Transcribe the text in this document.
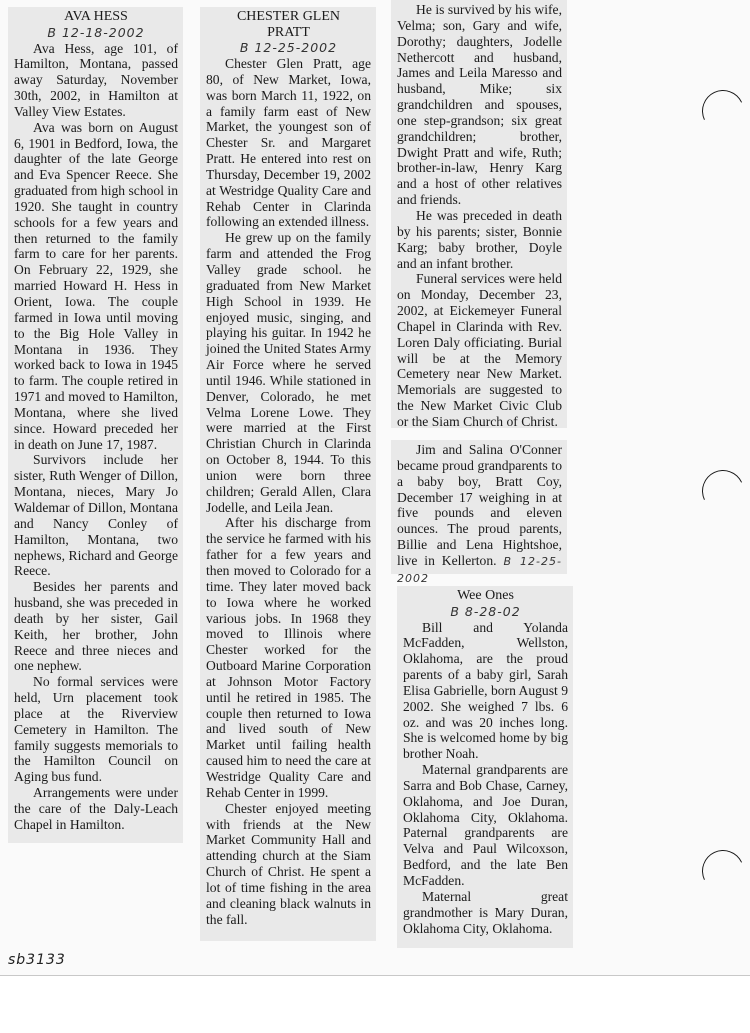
AVA HESS
B 12-18-2002

Ava Hess, age 101, of Hamilton, Montana, passed away Saturday, November 30th, 2002, in Hamilton at Valley View Estates.

Ava was born on August 6, 1901 in Bedford, Iowa, the daughter of the late George and Eva Spencer Reece. She graduated from high school in 1920. She taught in country schools for a few years and then returned to the family farm to care for her parents. On February 22, 1929, she married Howard H. Hess in Orient, Iowa. The couple farmed in Iowa until moving to the Big Hole Valley in Montana in 1936. They worked back to Iowa in 1945 to farm. The couple retired in 1971 and moved to Hamilton, Montana, where she lived since. Howard preceded her in death on June 17, 1987.

Survivors include her sister, Ruth Wenger of Dillon, Montana, nieces, Mary Jo Waldemar of Dillon, Montana and Nancy Conley of Hamilton, Montana, two nephews, Richard and George Reece.

Besides her parents and husband, she was preceded in death by her sister, Gail Keith, her brother, John Reece and three nieces and one nephew.

No formal services were held, Urn placement took place at the Riverview Cemetery in Hamilton. The family suggests memorials to the Hamilton Council on Aging bus fund.

Arrangements were under the care of the Daly-Leach Chapel in Hamilton.

CHESTER GLEN
PRATT
B 12-25-2002

Chester Glen Pratt, age 80, of New Market, Iowa, was born March 11, 1922, on a family farm east of New Market, the youngest son of Chester Sr. and Margaret Pratt. He entered into rest on Thursday, December 19, 2002 at Westridge Quality Care and Rehab Center in Clarinda following an extended illness.

He grew up on the family farm and attended the Frog Valley grade school. he graduated from New Market High School in 1939. He enjoyed music, singing, and playing his guitar. In 1942 he joined the United States Army Air Force where he served until 1946. While stationed in Denver, Colorado, he met Velma Lorene Lowe. They were married at the First Christian Church in Clarinda on October 8, 1944. To this union were born three children; Gerald Allen, Clara Jodelle, and Leila Jean.

After his discharge from the service he farmed with his father for a few years and then moved to Colorado for a time. They later moved back to Iowa where he worked various jobs. In 1968 they moved to Illinois where Chester worked for the Outboard Marine Corporation at Johnson Motor Factory until he retired in 1985. The couple then returned to Iowa and lived south of New Market until failing health caused him to need the care at Westridge Quality Care and Rehab Center in 1999.

Chester enjoyed meeting with friends at the New Market Community Hall and attending church at the Siam Church of Christ. He spent a lot of time fishing in the area and cleaning black walnuts in the fall.

He is survived by his wife, Velma; son, Gary and wife, Dorothy; daughters, Jodelle Nethercott and husband, James and Leila Maresso and husband, Mike; six grandchildren and spouses, one step-grandson; six great grandchildren; brother, Dwight Pratt and wife, Ruth; brother-in-law, Henry Karg and a host of other relatives and friends.

He was preceded in death by his parents; sister, Bonnie Karg; baby brother, Doyle and an infant brother.

Funeral services were held on Monday, December 23, 2002, at Eickemeyer Funeral Chapel in Clarinda with Rev. Loren Daly officiating. Burial will be at the Memory Cemetery near New Market. Memorials are suggested to the New Market Civic Club or the Siam Church of Christ.

Jim and Salina O'Conner became proud grandparents to a baby boy, Bratt Coy, December 17 weighing in at five pounds and eleven ounces. The proud parents, Billie and Lena Hightshoe, live in Kellerton. B 12-25-2002

Wee Ones
B 8-28-02

Bill and Yolanda McFadden, Wellston, Oklahoma, are the proud parents of a baby girl, Sarah Elisa Gabrielle, born August 9 2002. She weighed 7 lbs. 6 oz. and was 20 inches long. She is welcomed home by big brother Noah.

Maternal grandparents are Sarra and Bob Chase, Carney, Oklahoma, and Joe Duran, Oklahoma City, Oklahoma. Paternal grandparents are Velva and Paul Wilcoxson, Bedford, and the late Ben McFadden.

Maternal great grandmother is Mary Duran, Oklahoma City, Oklahoma.

sb3133
